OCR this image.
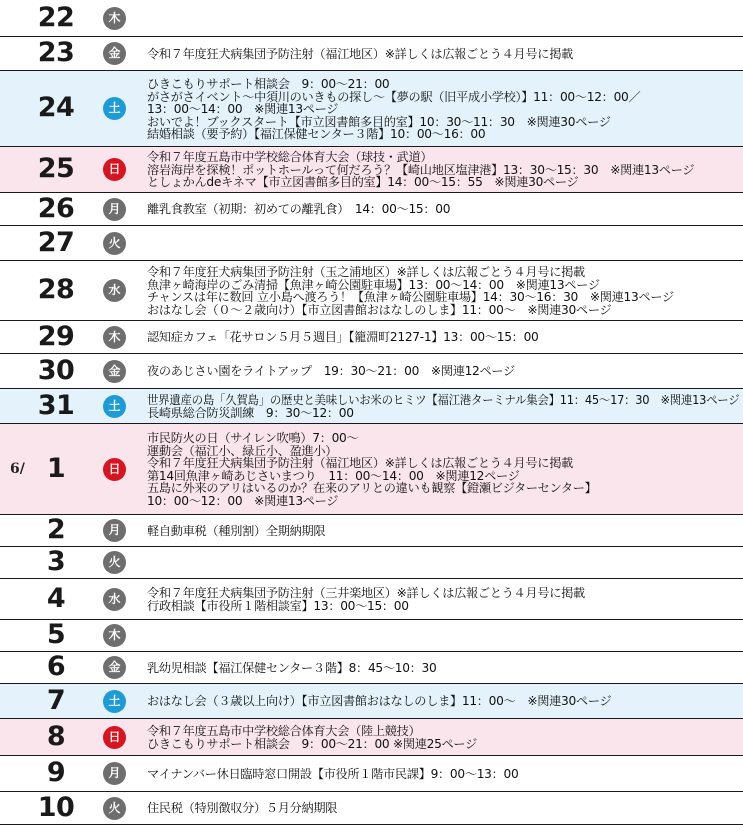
22	木
23	金	令和７年度狂犬病集団予防注射（福江地区）※詳しくは広報ごとう４月号に掲載
24	土
ひきこもりサポート相談会　9：00～21：00
がさがさイベント～中須川のいきもの探し～【夢の駅（旧平成小学校）】11：00～12：00／
13：00～14：00　※関連13ページ
おいでよ！ブックスタート【市立図書館多目的室】10：30～11：30　※関連30ページ
結婚相談（要予約）【福江保健センター３階】10：00～16：00
25	日
令和７年度五島市中学校総合体育大会（球技・武道）
溶岩海岸を探検！ポットホールって何だろう？【崎山地区塩津港】13：30～15：30　※関連13ページ
としょかんdeキネマ【市立図書館多目的室】14：00～15：55　※関連30ページ
26	月	離乳食教室（初期：初めての離乳食）　14：00～15：00
27	火
28	水
令和７年度狂犬病集団予防注射（玉之浦地区）※詳しくは広報ごとう４月号に掲載
魚津ヶ崎海岸のごみ清掃【魚津ヶ崎公園駐車場】13：00～14：00　※関連13ページ
チャンスは年に数回 立小島へ渡ろう！【魚津ヶ崎公園駐車場】14：30～16：30　※関連13ページ
おはなし会（０～２歳向け）【市立図書館おはなしのしま】11：00～　※関連30ページ
29	木	認知症カフェ「花サロン５月５週目」【籠淵町2127-1】13：00～15：00
30	金	夜のあじさい園をライトアップ　19：30～21：00　※関連12ページ
31	土	世界遺産の島「久賀島」の歴史と美味しいお米のヒミツ【福江港ターミナル集会】11：45～17：30　※関連13ページ
長崎県総合防災訓練　9：30～12：00
6/ 1	日
市民防火の日（サイレン吹鳴）7：00～
運動会（福江小、緑丘小、盈進小）
令和７年度狂犬病集団予防注射（福江地区）※詳しくは広報ごとう４月号に掲載
第14回魚津ヶ崎あじさいまつり　11：00～14：00　※関連12ページ
五島に外来のアリはいるのか？在来のアリとの違いも観察【鐙瀬ビジターセンター】
10：00～12：00　※関連13ページ
2	月	軽自動車税（種別割）全期納期限
3	火
4	水	令和７年度狂犬病集団予防注射（三井楽地区）※詳しくは広報ごとう４月号に掲載
行政相談【市役所１階相談室】13：00～15：00
5	木
6	金	乳幼児相談【福江保健センター３階】8：45～10：30
7	土	おはなし会（３歳以上向け）【市立図書館おはなしのしま】11：00～　※関連30ページ
8	日	令和７年度五島市中学校総合体育大会（陸上競技）
ひきこもりサポート相談会　9：00～21：00 ※関連25ページ
9	月	マイナンバー休日臨時窓口開設【市役所１階市民課】9：00～13：00
10	火	住民税（特別徴収分）５月分納期限
